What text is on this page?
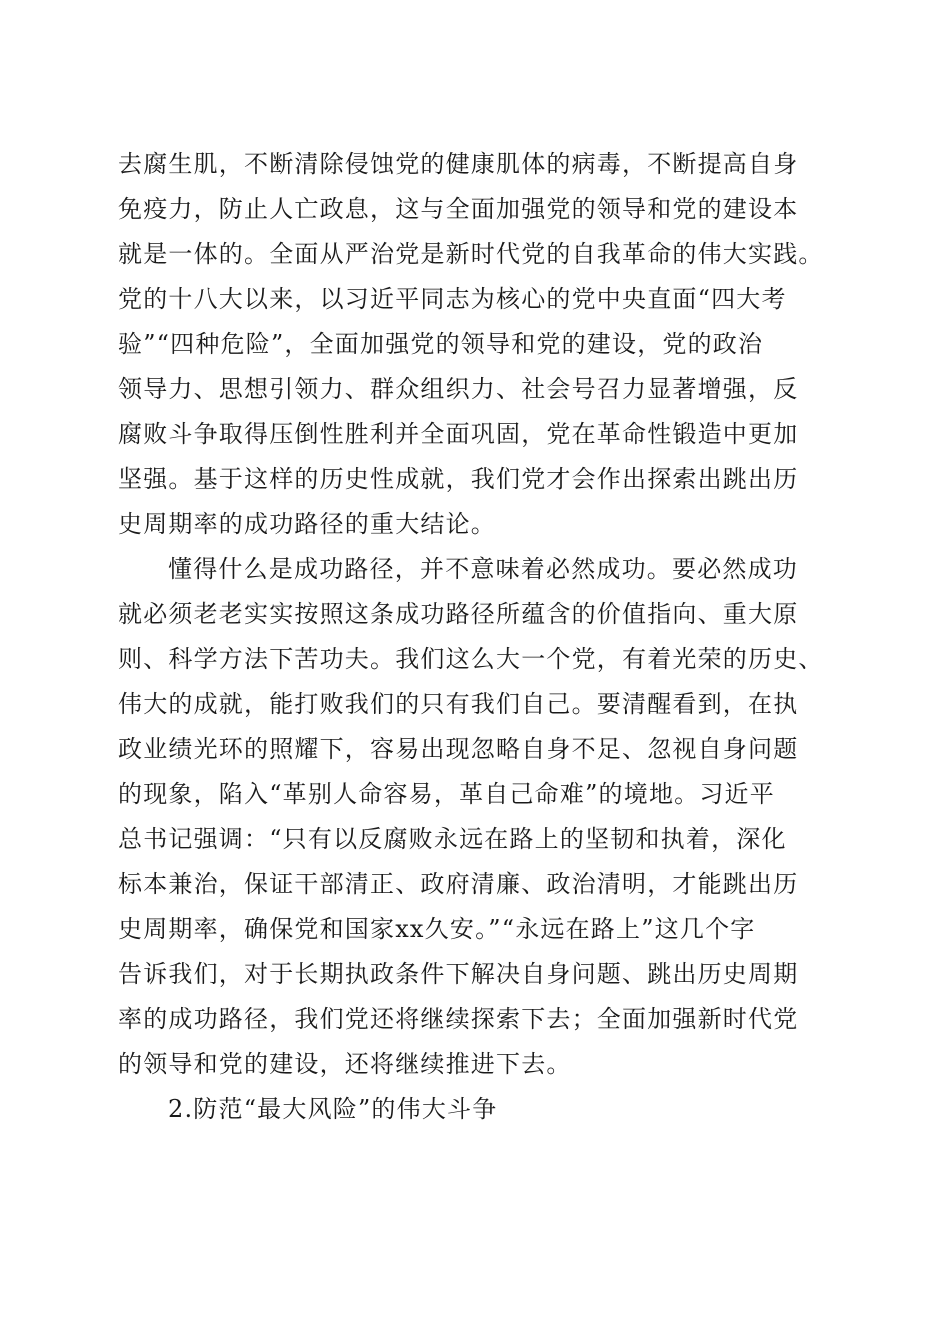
去腐生肌，不断清除侵蚀党的健康肌体的病毒，不断提高自身
免疫力，防止人亡政息，这与全面加强党的领导和党的建设本
就是一体的。全面从严治党是新时代党的自我革命的伟大实践。
党的十八大以来，以习近平同志为核心的党中央直面“四大考
验”“四种危险”，全面加强党的领导和党的建设，党的政治
领导力、思想引领力、群众组织力、社会号召力显著增强，反
腐败斗争取得压倒性胜利并全面巩固，党在革命性锻造中更加
坚强。基于这样的历史性成就，我们党才会作出探索出跳出历
史周期率的成功路径的重大结论。
懂得什么是成功路径，并不意味着必然成功。要必然成功
就必须老老实实按照这条成功路径所蕴含的价值指向、重大原
则、科学方法下苦功夫。我们这么大一个党，有着光荣的历史、
伟大的成就，能打败我们的只有我们自己。要清醒看到，在执
政业绩光环的照耀下，容易出现忽略自身不足、忽视自身问题
的现象，陷入“革别人命容易，革自己命难”的境地。习近平
总书记强调：“只有以反腐败永远在路上的坚韧和执着，深化
标本兼治，保证干部清正、政府清廉、政治清明，才能跳出历
史周期率，确保党和国家xx久安。”“永远在路上”这几个字
告诉我们，对于长期执政条件下解决自身问题、跳出历史周期
率的成功路径，我们党还将继续探索下去；全面加强新时代党
的领导和党的建设，还将继续推进下去。
2.防范“最大风险”的伟大斗争
